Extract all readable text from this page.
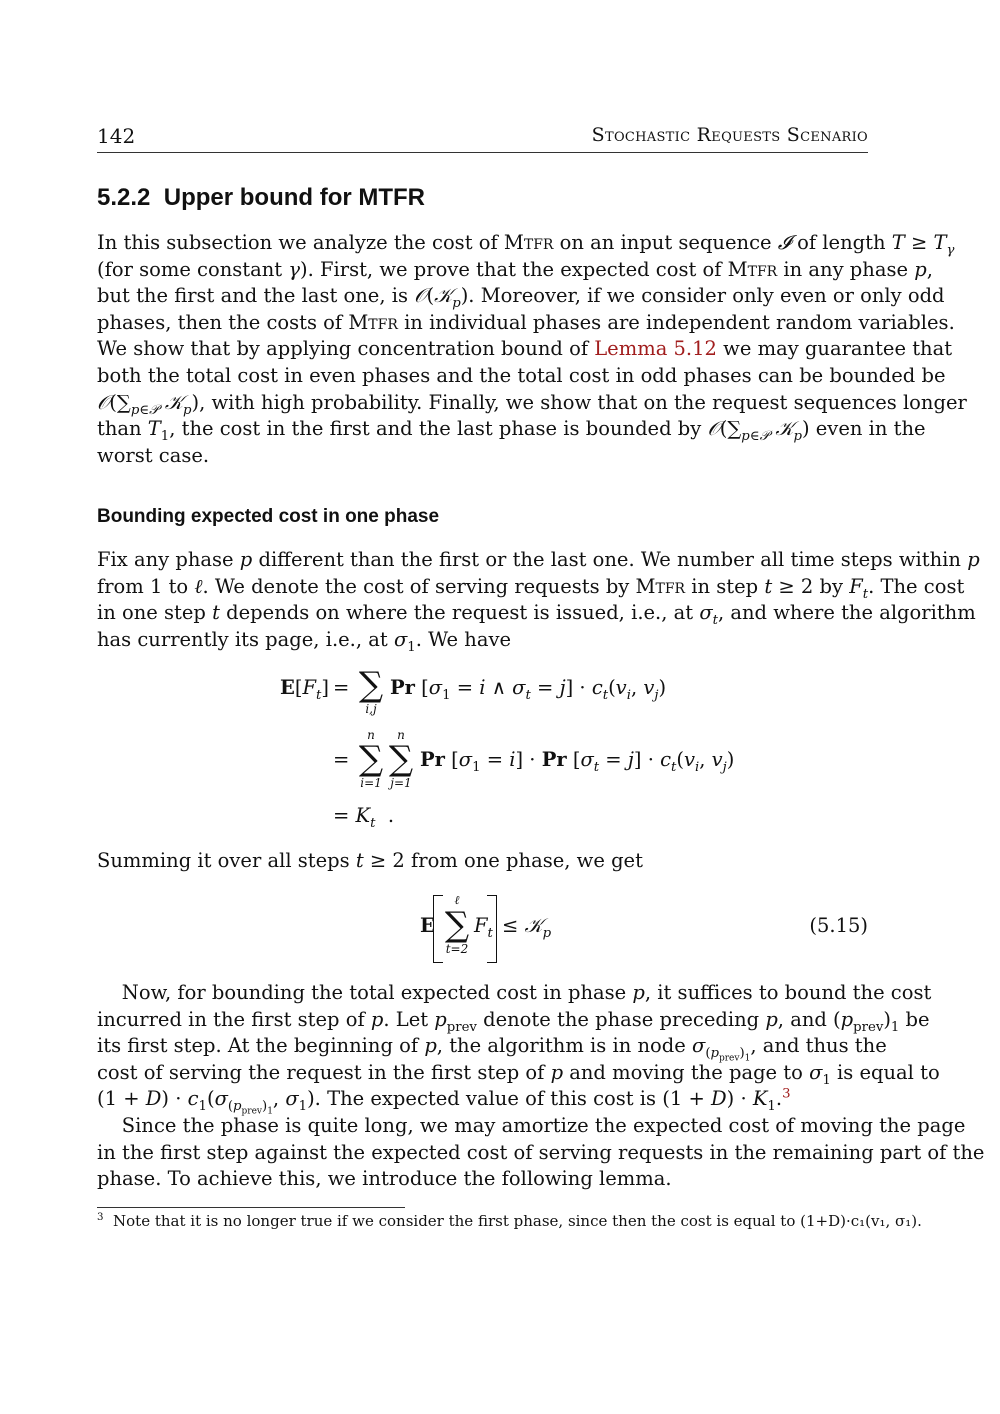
142	Stochastic Requests Scenario
5.2.2 Upper bound for MTFR
In this subsection we analyze the cost of Mtfr on an input sequence 𝓘 of length $T \ge T_\gamma$
(for some constant γ). First, we prove that the expected cost of Mtfr in any phase p,
but the first and the last one, is 𝒪(𝒦$_p$). Moreover, if we consider only even or only odd
phases, then the costs of Mtfr in individual phases are independent random variables.
We show that by applying concentration bound of Lemma 5.12 we may guarantee that
both the total cost in even phases and the total cost in odd phases can be bounded be
$𝒪(\sum_{p\in 𝒫}$ 𝒦$_p$), with high probability. Finally, we show that on the request sequences longer
than $T_1$, the cost in the first and the last phase is bounded by $𝒪(\sum_{p\in 𝒫}$ 𝒦$_p$) even in the
worst case.
Bounding expected cost in one phase
Fix any phase p different than the first or the last one. We number all time steps within p
from 1 to ℓ. We denote the cost of serving requests by Mtfr in step t ≥ 2 by $F_t$. The cost
in one step t depends on where the request is issued, i.e., at $\sigma_t$, and where the algorithm
has currently its page, i.e., at $\sigma_1$. We have
$E[F_t]$ = ∑
i,j
Pr [$\sigma_1 = i$ ∧ $\sigma_t = j] \cdot c_t(v_i$, $v_j$)
=
n
∑
i=1
n
∑
j=1
Pr $[\sigma_1 = i] \cdot Pr$ $[\sigma_t = j] \cdot c_t(v_i$, $v_j$)
= $K_t$  .
Summing it over all steps t ≥ 2 from one phase, we get
E
ℓ
∑
t=2
$F_t$ ≤ 𝒦$_p$	(5.15)
Now, for bounding the total expected cost in phase p, it suffices to bound the cost
incurred in the first step of p. Let $p_{prev}$ denote the phase preceding p, and $(p_{prev})_1$ be
its first step. At the beginning of p, the algorithm is in node $\sigma_{(p_{prev})_1}$, and thus the
cost of serving the request in the first step of p and moving the page to $\sigma_1$ is equal to
$(1 + D) \cdot c_1(\sigma_{(p_{prev})_1}$, $\sigma_1$). The expected value of this cost is $(1 + D) \cdot K_1.^3$
Since the phase is quite long, we may amortize the expected cost of moving the page
in the first step against the expected cost of serving requests in the remaining part of the
phase. To achieve this, we introduce the following lemma.
$^3$ Note that it is no longer true if we consider the first phase, since then the cost is equal to (1+D)·c₁(v₁, σ₁).
